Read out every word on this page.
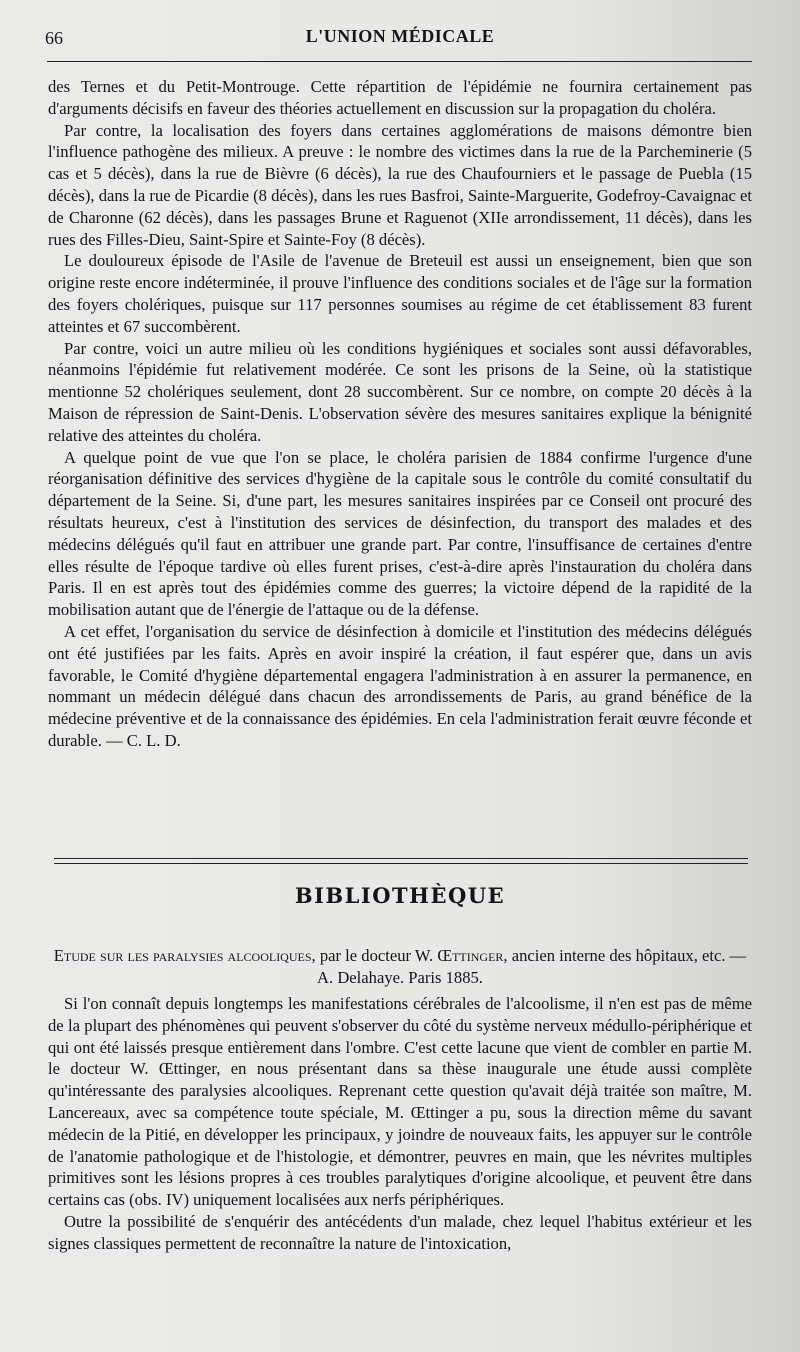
66	L'UNION MÉDICALE

des Ternes et du Petit-Montrouge. Cette répartition de l'épidémie ne fournira certainement pas d'arguments décisifs en faveur des théories actuellement en discussion sur la propagation du choléra.

Par contre, la localisation des foyers dans certaines agglomérations de maisons démontre bien l'influence pathogène des milieux. A preuve : le nombre des victimes dans la rue de la Parcheminerie (5 cas et 5 décès), dans la rue de Bièvre (6 décès), la rue des Chaufourniers et le passage de Puebla (15 décès), dans la rue de Picardie (8 décès), dans les rues Basfroi, Sainte-Marguerite, Godefroy-Cavaignac et de Charonne (62 décès), dans les passages Brune et Raguenot (XIIe arrondissement, 11 décès), dans les rues des Filles-Dieu, Saint-Spire et Sainte-Foy (8 décès).

Le douloureux épisode de l'Asile de l'avenue de Breteuil est aussi un enseignement, bien que son origine reste encore indéterminée, il prouve l'influence des conditions sociales et de l'âge sur la formation des foyers cholériques, puisque sur 117 personnes soumises au régime de cet établissement 83 furent atteintes et 67 succombèrent.

Par contre, voici un autre milieu où les conditions hygiéniques et sociales sont aussi défavorables, néanmoins l'épidémie fut relativement modérée. Ce sont les prisons de la Seine, où la statistique mentionne 52 cholériques seulement, dont 28 succombèrent. Sur ce nombre, on compte 20 décès à la Maison de répression de Saint-Denis. L'observation sévère des mesures sanitaires explique la bénignité relative des atteintes du choléra.

A quelque point de vue que l'on se place, le choléra parisien de 1884 confirme l'urgence d'une réorganisation définitive des services d'hygiène de la capitale sous le contrôle du comité consultatif du département de la Seine. Si, d'une part, les mesures sanitaires inspirées par ce Conseil ont procuré des résultats heureux, c'est à l'institution des services de désinfection, du transport des malades et des médecins délégués qu'il faut en attribuer une grande part. Par contre, l'insuffisance de certaines d'entre elles résulte de l'époque tardive où elles furent prises, c'est-à-dire après l'instauration du choléra dans Paris. Il en est après tout des épidémies comme des guerres; la victoire dépend de la rapidité de la mobilisation autant que de l'énergie de l'attaque ou de la défense.

A cet effet, l'organisation du service de désinfection à domicile et l'institution des médecins délégués ont été justifiées par les faits. Après en avoir inspiré la création, il faut espérer que, dans un avis favorable, le Comité d'hygiène départemental engagera l'administration à en assurer la permanence, en nommant un médecin délégué dans chacun des arrondissements de Paris, au grand bénéfice de la médecine préventive et de la connaissance des épidémies. En cela l'administration ferait œuvre féconde et durable. — C. L. D.

BIBLIOTHÈQUE
Etude sur les paralysies alcooliques, par le docteur W. Œttinger, ancien interne des hôpitaux, etc. — A. Delahaye. Paris 1885.

Si l'on connaît depuis longtemps les manifestations cérébrales de l'alcoolisme, il n'en est pas de même de la plupart des phénomènes qui peuvent s'observer du côté du système nerveux médullo-périphérique et qui ont été laissés presque entièrement dans l'ombre. C'est cette lacune que vient de combler en partie M. le docteur W. Œttinger, en nous présentant dans sa thèse inaugurale une étude aussi complète qu'intéressante des paralysies alcooliques. Reprenant cette question qu'avait déjà traitée son maître, M. Lancereaux, avec sa compétence toute spéciale, M. Œttinger a pu, sous la direction même du savant médecin de la Pitié, en développer les principaux, y joindre de nouveaux faits, les appuyer sur le contrôle de l'anatomie pathologique et de l'histologie, et démontrer, peuvres en main, que les névrites multiples primitives sont les lésions propres à ces troubles paralytiques d'origine alcoolique, et peuvent être dans certains cas (obs. IV) uniquement localisées aux nerfs périphériques.

Outre la possibilité de s'enquérir des antécédents d'un malade, chez lequel l'habitus extérieur et les signes classiques permettent de reconnaître la nature de l'intoxication,
